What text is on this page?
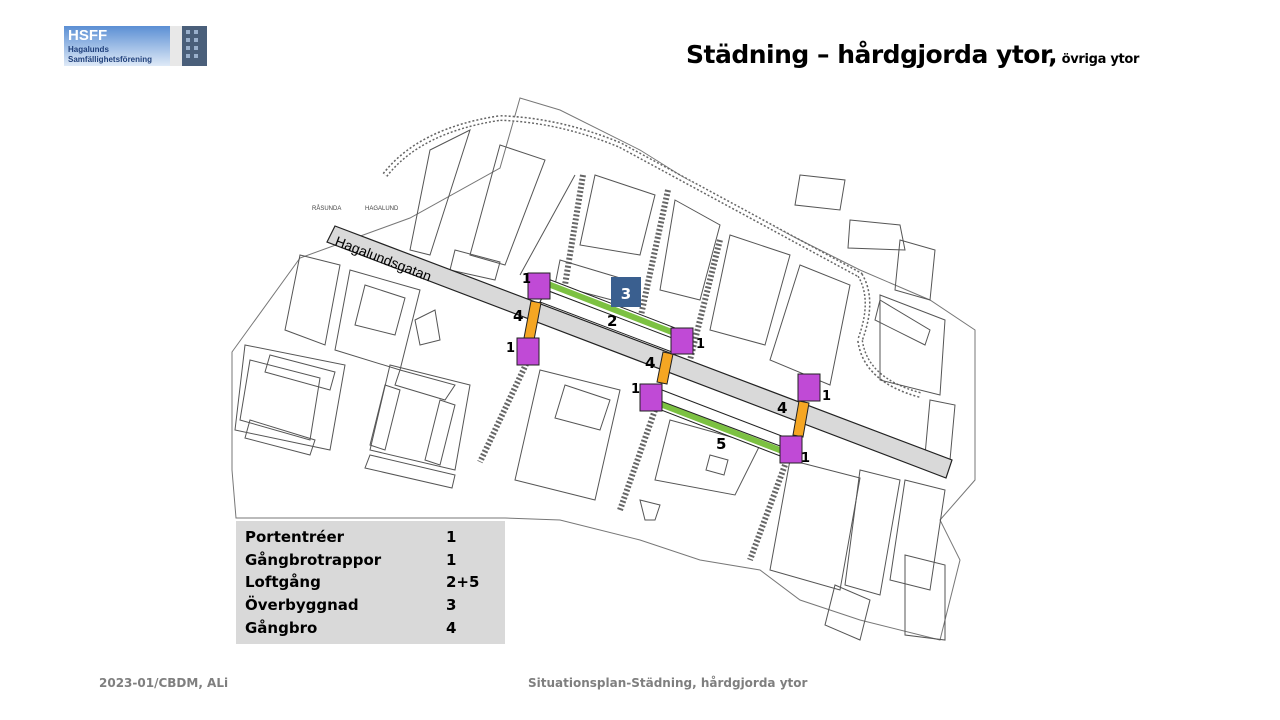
HSFF
Hagalunds
Samfällighetsförening	Städning – hårdgjorda ytor, övriga ytor
RÅSUNDA	HAGALUND
Hagalundsgatan
3
1
1	1
1	1
1
2
4
4
4
5
Portentréer	1
Gångbrotrappor	1
Loftgång	2+5
Överbyggnad	3
Gångbro	4
2023-01/CBDM, ALi	Situationsplan-Städning, hårdgjorda ytor
